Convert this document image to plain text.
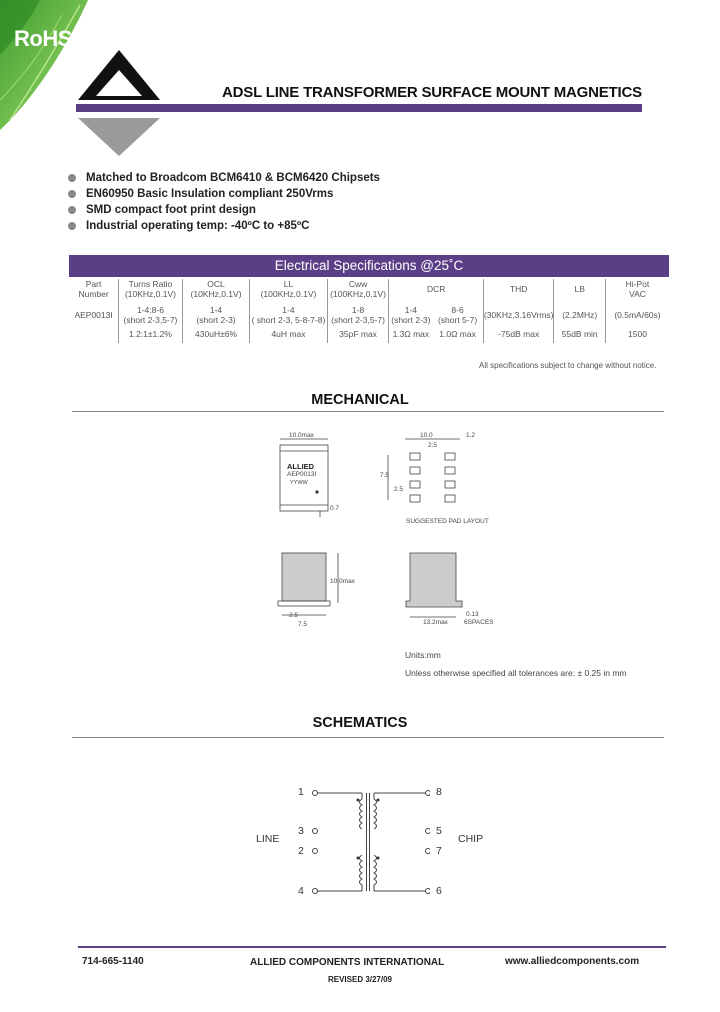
RoHS
ADSL LINE TRANSFORMER SURFACE MOUNT MAGNETICS
Matched to Broadcom BCM6410 & BCM6420 Chipsets
EN60950 Basic Insulation compliant 250Vrms
SMD compact foot print design
Industrial operating temp: -40ºC to +85ºC
Electrical Specifications @25˚C
Part	Turns Ratio	OCL	LL	Cww	DCR		THD	LB	Hi-Pot
Number	(10KHz,0.1V)	(10KHz,0.1V)	(100KHz,0.1V)	(100KHz,0.1V)					VAC

AEP0013I	1-4:8-6	1-4	1-4	1-8	1-4	8-6	(30KHz,3.16Vrms)	(2.2MHz)	(0.5mA/60s)
	(short 2-3,5-7)	(short 2-3)	( short 2-3, 5-8-7-8)	(short 2-3,5-7)	(short 2-3)	(short 5-7)			
	1.2:1±1.2%	430uH±6%	4uH max	35pF max	1.3Ω max	1.0Ω max	-75dB max	55dB min	1500
All specifications subject to change without notice.
MECHANICAL
10.0max
ALLIED
AEP0013I
YYWW
0.7
10.0	1.2
2.5
7.5
2.5
SUGGESTED PAD LAYOUT
10.0max
2.5
7.5
0.13
13.2max 6SPACES
Units:mm
Unless otherwise specified all tolerances are: ± 0.25 in mm
SCHEMATICS
1
3
2
4
8
5
7
6
LINE	CHIP
714-665-1140	ALLIED COMPONENTS INTERNATIONAL	www.alliedcomponents.com
REVISED 3/27/09
